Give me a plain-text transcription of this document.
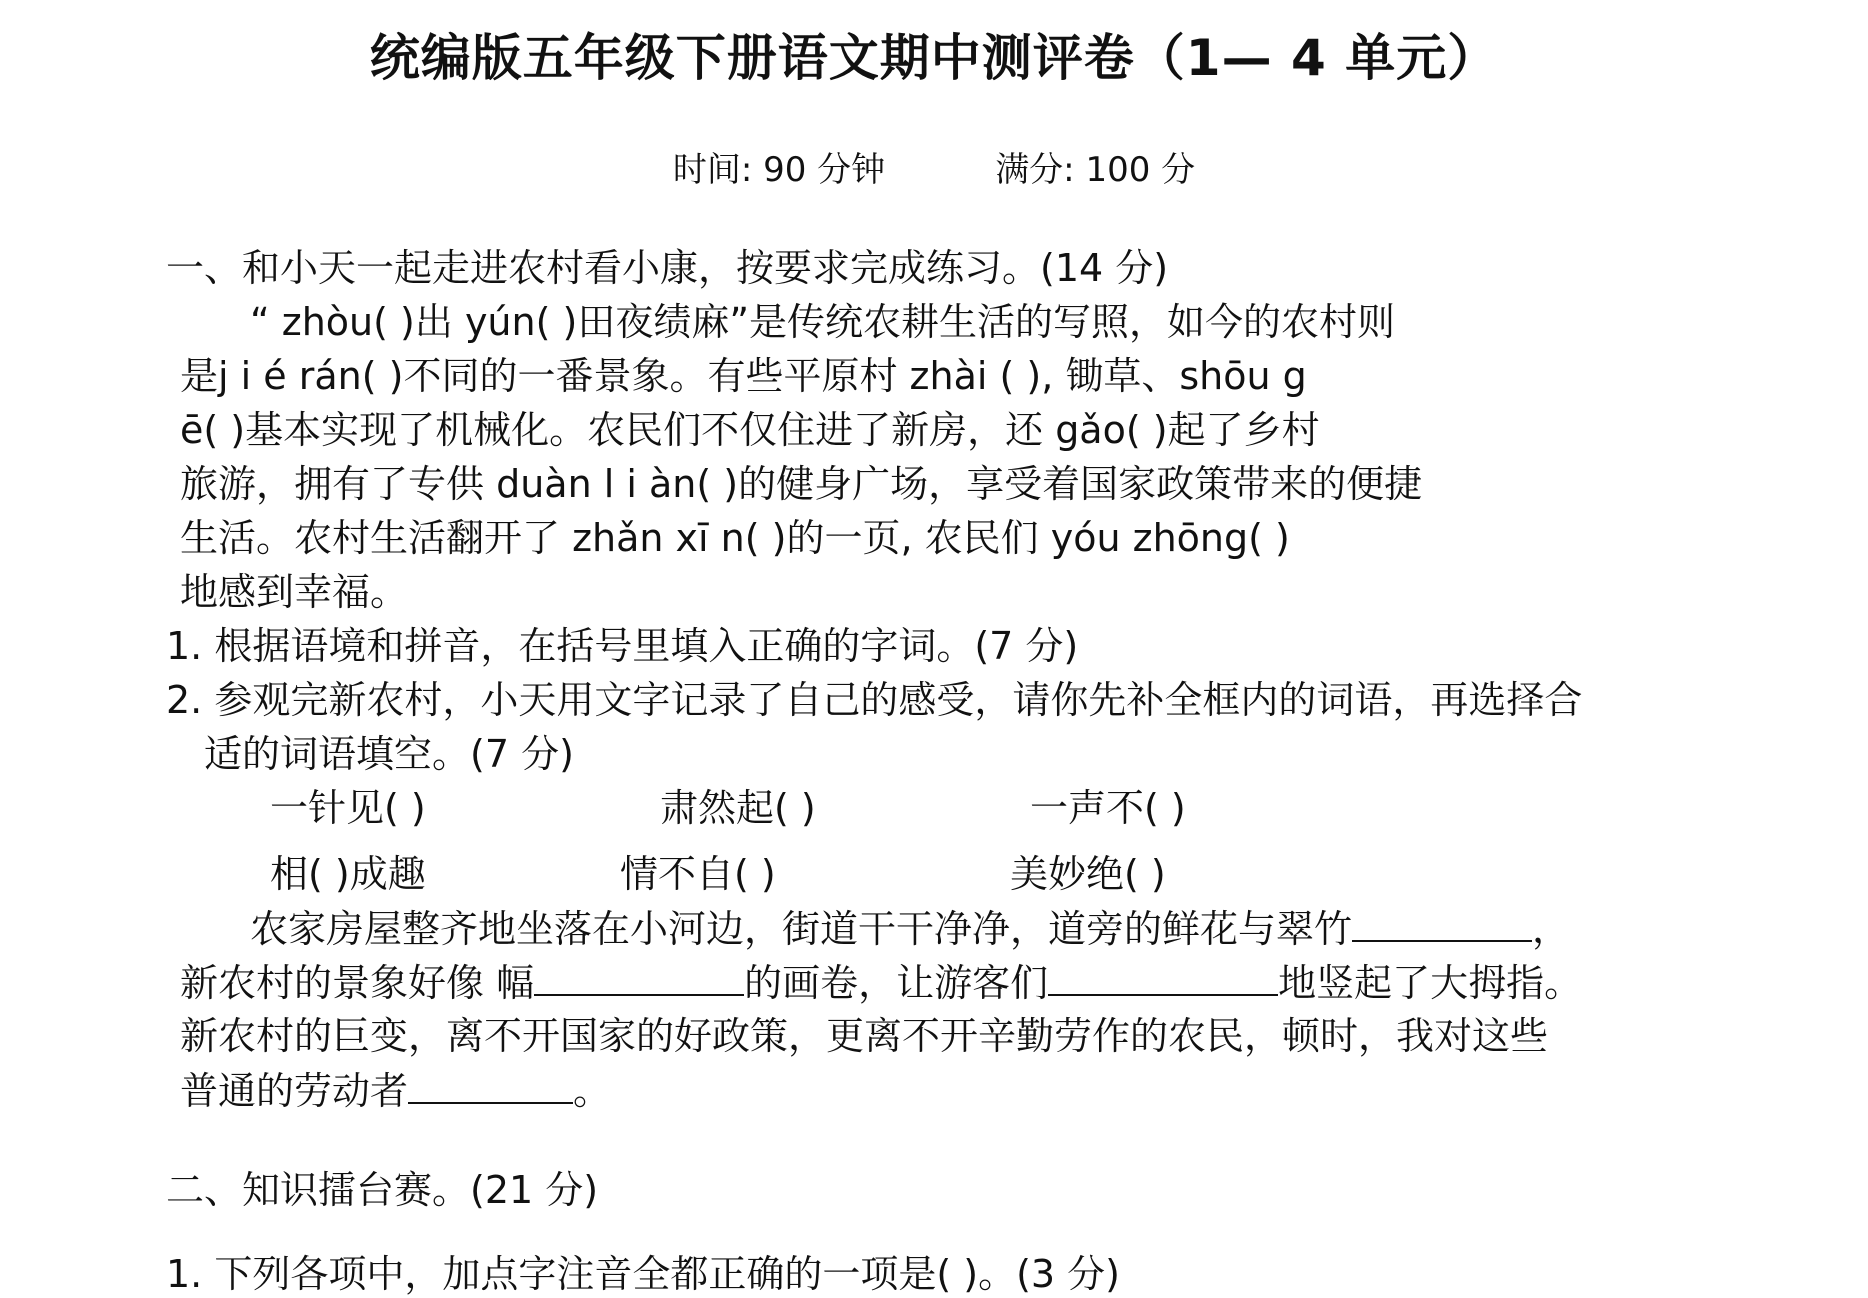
统编版五年级下册语文期中测评卷（1— 4 单元）
时间: 90 分钟	满分: 100 分
一、和小天一起走进农村看小康，按要求完成练习。(14 分)
“ zhòu( )出 yún( )田夜绩麻”是传统农耕生活的写照，如今的农村则
是j i é rán( )不同的一番景象。有些平原村 zhài ( ), 锄草、shōu g
ē( )基本实现了机械化。农民们不仅住进了新房，还 gǎo( )起了乡村
旅游，拥有了专供 duàn l i àn( )的健身广场，享受着国家政策带来的便捷
生活。农村生活翻开了 zhǎn xī n( )的一页, 农民们 yóu zhōng( )
地感到幸福。
1. 根据语境和拼音，在括号里填入正确的字词。(7 分)
2. 参观完新农村，小天用文字记录了自己的感受，请你先补全框内的词语，再选择合
适的词语填空。(7 分)
一针见( )	肃然起( )	一声不( )
相( )成趣	情不自( )	美妙绝( )
农家房屋整齐地坐落在小河边，街道干干净净，道旁的鲜花与翠竹	，
新农村的景象好像 幅	的画卷，让游客们	地竖起了大拇指。
新农村的巨变，离不开国家的好政策，更离不开辛勤劳作的农民，顿时，我对这些
普通的劳动者	。
二、知识擂台赛。(21 分)
1. 下列各项中，加点字注音全都正确的一项是( )。(3 分)
